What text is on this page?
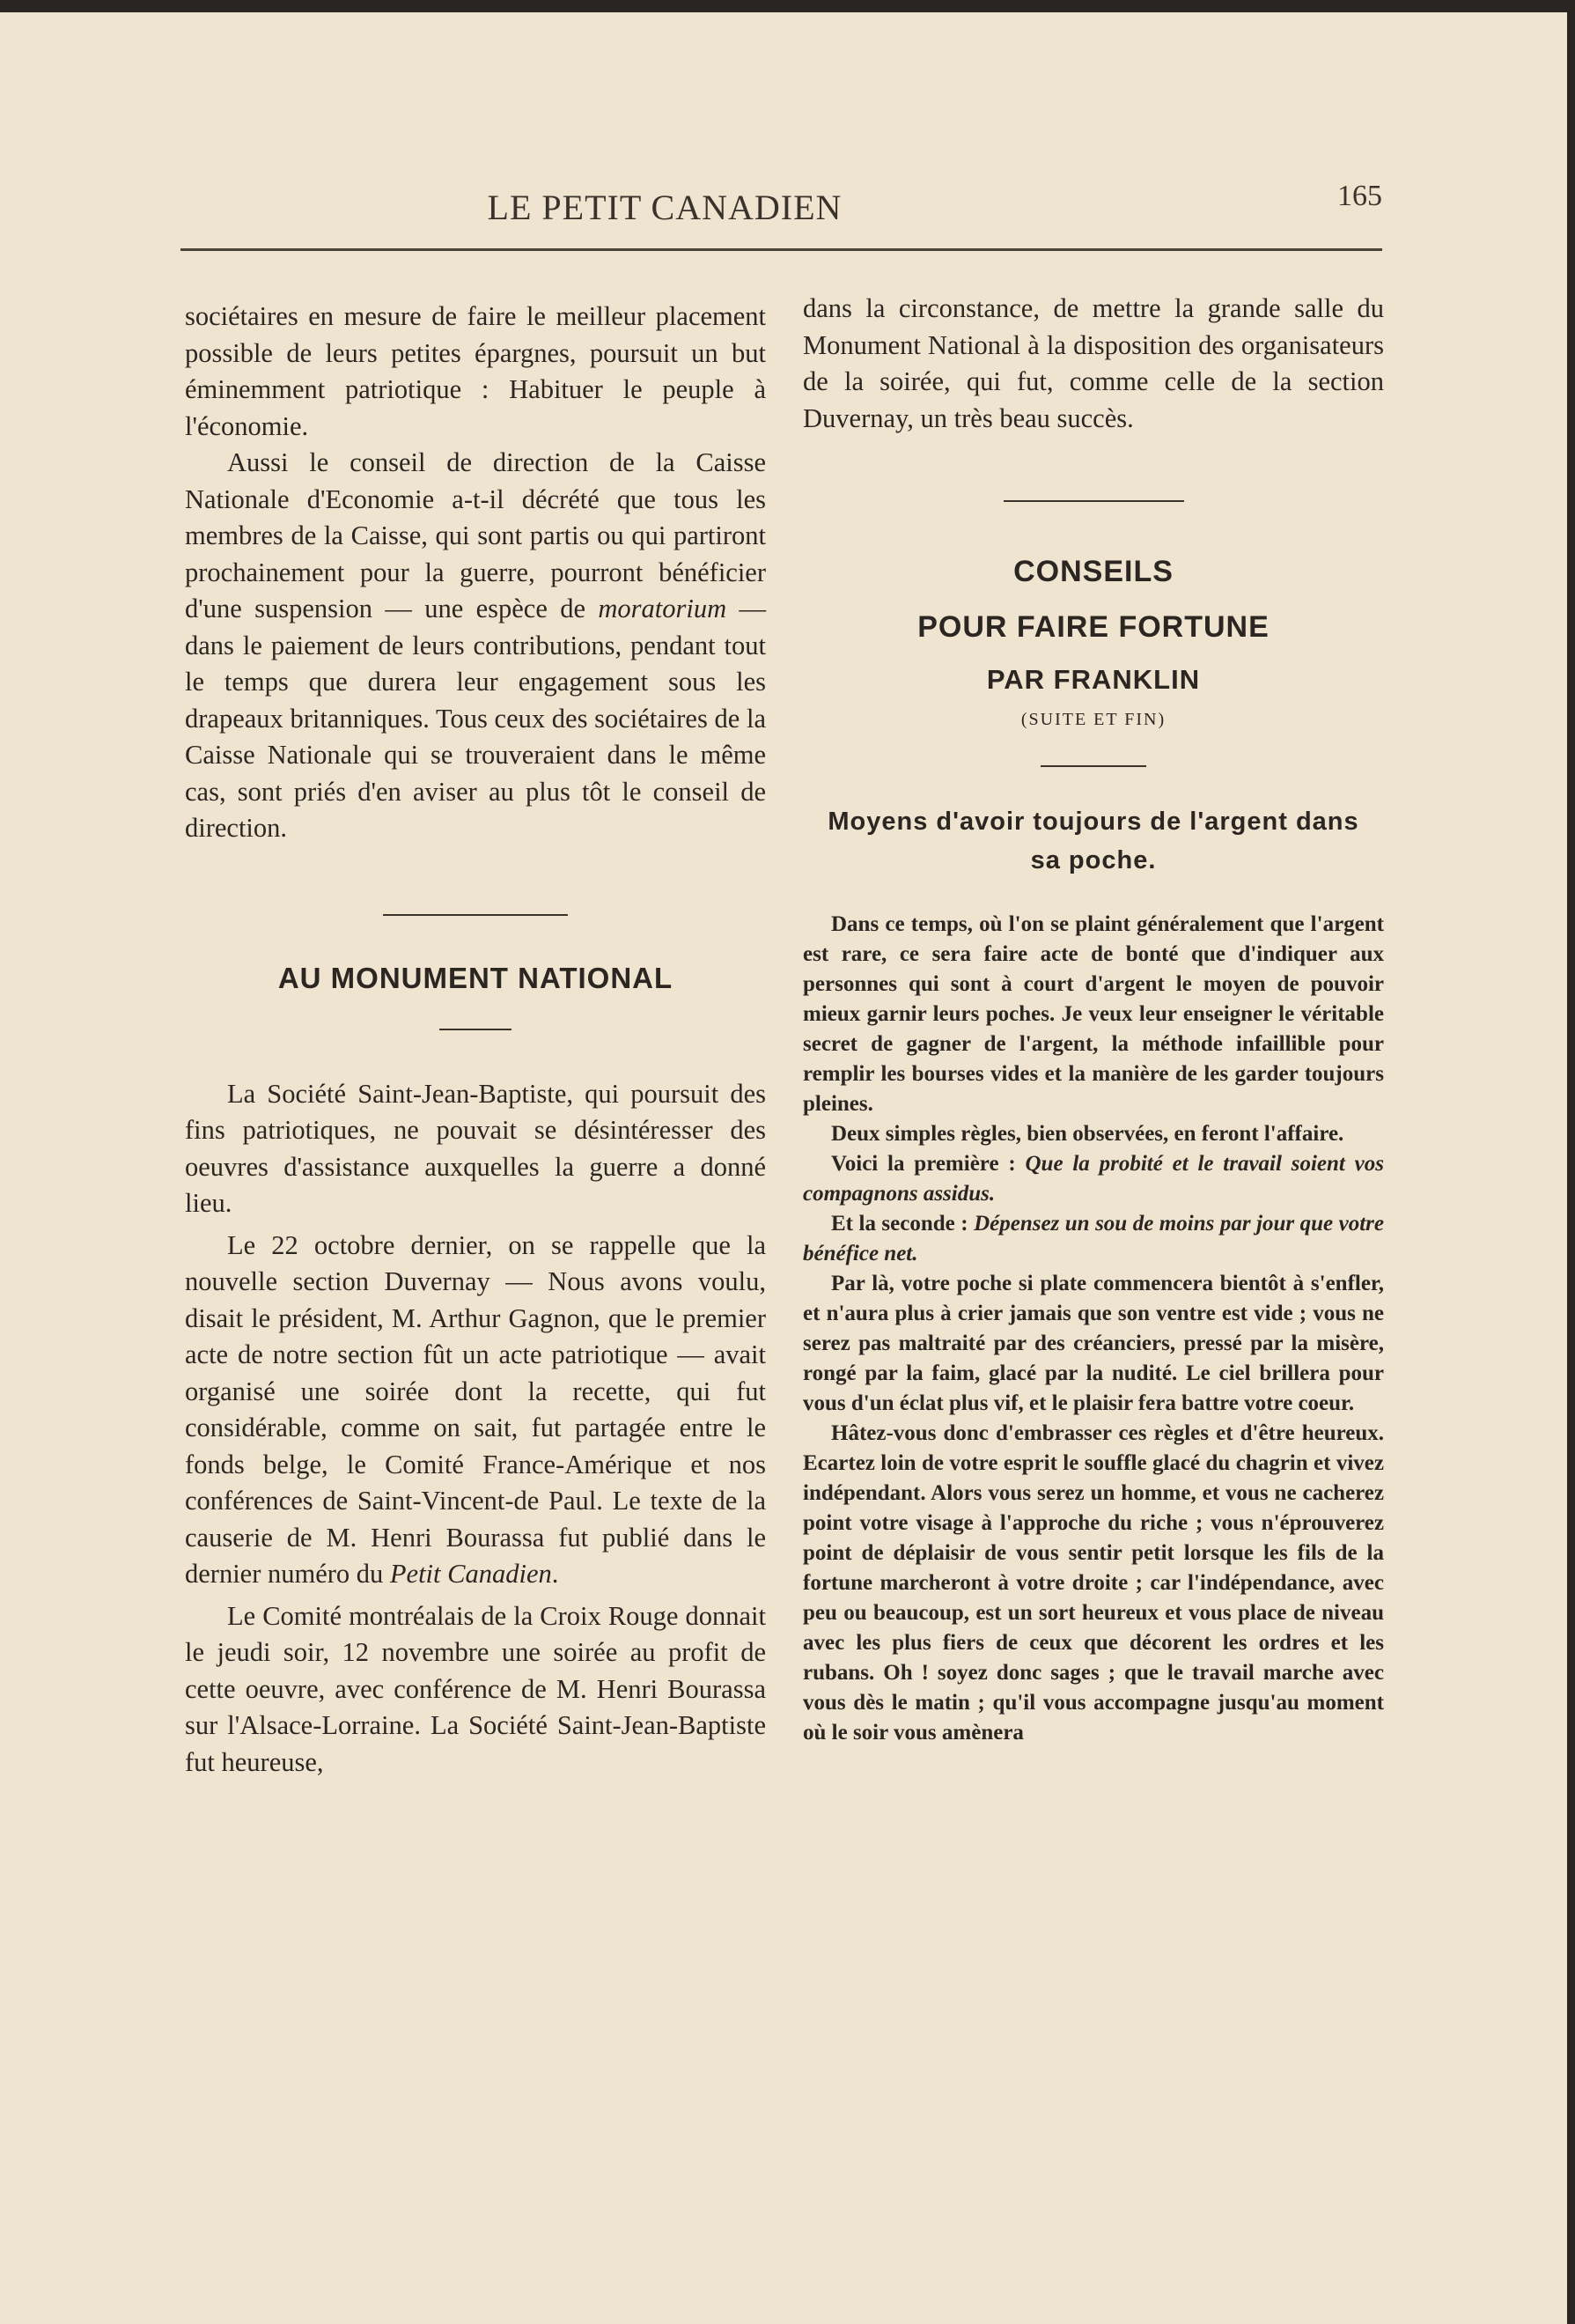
LE PETIT CANADIEN	165

sociétaires en mesure de faire le meilleur placement possible de leurs petites épargnes, poursuit un but éminemment patriotique : Habituer le peuple à l'économie.

Aussi le conseil de direction de la Caisse Nationale d'Economie a-t-il décrété que tous les membres de la Caisse, qui sont partis ou qui partiront prochainement pour la guerre, pourront bénéficier d'une suspension — une espèce de moratorium — dans le paiement de leurs contributions, pendant tout le temps que durera leur engagement sous les drapeaux britanniques. Tous ceux des sociétaires de la Caisse Nationale qui se trouveraient dans le même cas, sont priés d'en aviser au plus tôt le conseil de direction.

AU MONUMENT NATIONAL

La Société Saint-Jean-Baptiste, qui poursuit des fins patriotiques, ne pouvait se désintéresser des oeuvres d'assistance auxquelles la guerre a donné lieu.

Le 22 octobre dernier, on se rappelle que la nouvelle section Duvernay — Nous avons voulu, disait le président, M. Arthur Gagnon, que le premier acte de notre section fût un acte patriotique — avait organisé une soirée dont la recette, qui fut considérable, comme on sait, fut partagée entre le fonds belge, le Comité France-Amérique et nos conférences de Saint-Vincent-de Paul. Le texte de la causerie de M. Henri Bourassa fut publié dans le dernier numéro du Petit Canadien.

Le Comité montréalais de la Croix Rouge donnait le jeudi soir, 12 novembre une soirée au profit de cette oeuvre, avec conférence de M. Henri Bourassa sur l'Alsace-Lorraine. La Société Saint-Jean-Baptiste fut heureuse,

dans la circonstance, de mettre la grande salle du Monument National à la disposition des organisateurs de la soirée, qui fut, comme celle de la section Duvernay, un très beau succès.

CONSEILS
POUR FAIRE FORTUNE
PAR FRANKLIN
(SUITE ET FIN)
Moyens d'avoir toujours de l'argent dans sa poche.

Dans ce temps, où l'on se plaint généralement que l'argent est rare, ce sera faire acte de bonté que d'indiquer aux personnes qui sont à court d'argent le moyen de pouvoir mieux garnir leurs poches. Je veux leur enseigner le véritable secret de gagner de l'argent, la méthode infaillible pour remplir les bourses vides et la manière de les garder toujours pleines.

Deux simples règles, bien observées, en feront l'affaire.

Voici la première : Que la probité et le travail soient vos compagnons assidus.

Et la seconde : Dépensez un sou de moins par jour que votre bénéfice net.

Par là, votre poche si plate commencera bientôt à s'enfler, et n'aura plus à crier jamais que son ventre est vide ; vous ne serez pas maltraité par des créanciers, pressé par la misère, rongé par la faim, glacé par la nudité. Le ciel brillera pour vous d'un éclat plus vif, et le plaisir fera battre votre coeur.

Hâtez-vous donc d'embrasser ces règles et d'être heureux. Ecartez loin de votre esprit le souffle glacé du chagrin et vivez indépendant. Alors vous serez un homme, et vous ne cacherez point votre visage à l'approche du riche ; vous n'éprouverez point de déplaisir de vous sentir petit lorsque les fils de la fortune marcheront à votre droite ; car l'indépendance, avec peu ou beaucoup, est un sort heureux et vous place de niveau avec les plus fiers de ceux que décorent les ordres et les rubans. Oh ! soyez donc sages ; que le travail marche avec vous dès le matin ; qu'il vous accompagne jusqu'au moment où le soir vous amènera
